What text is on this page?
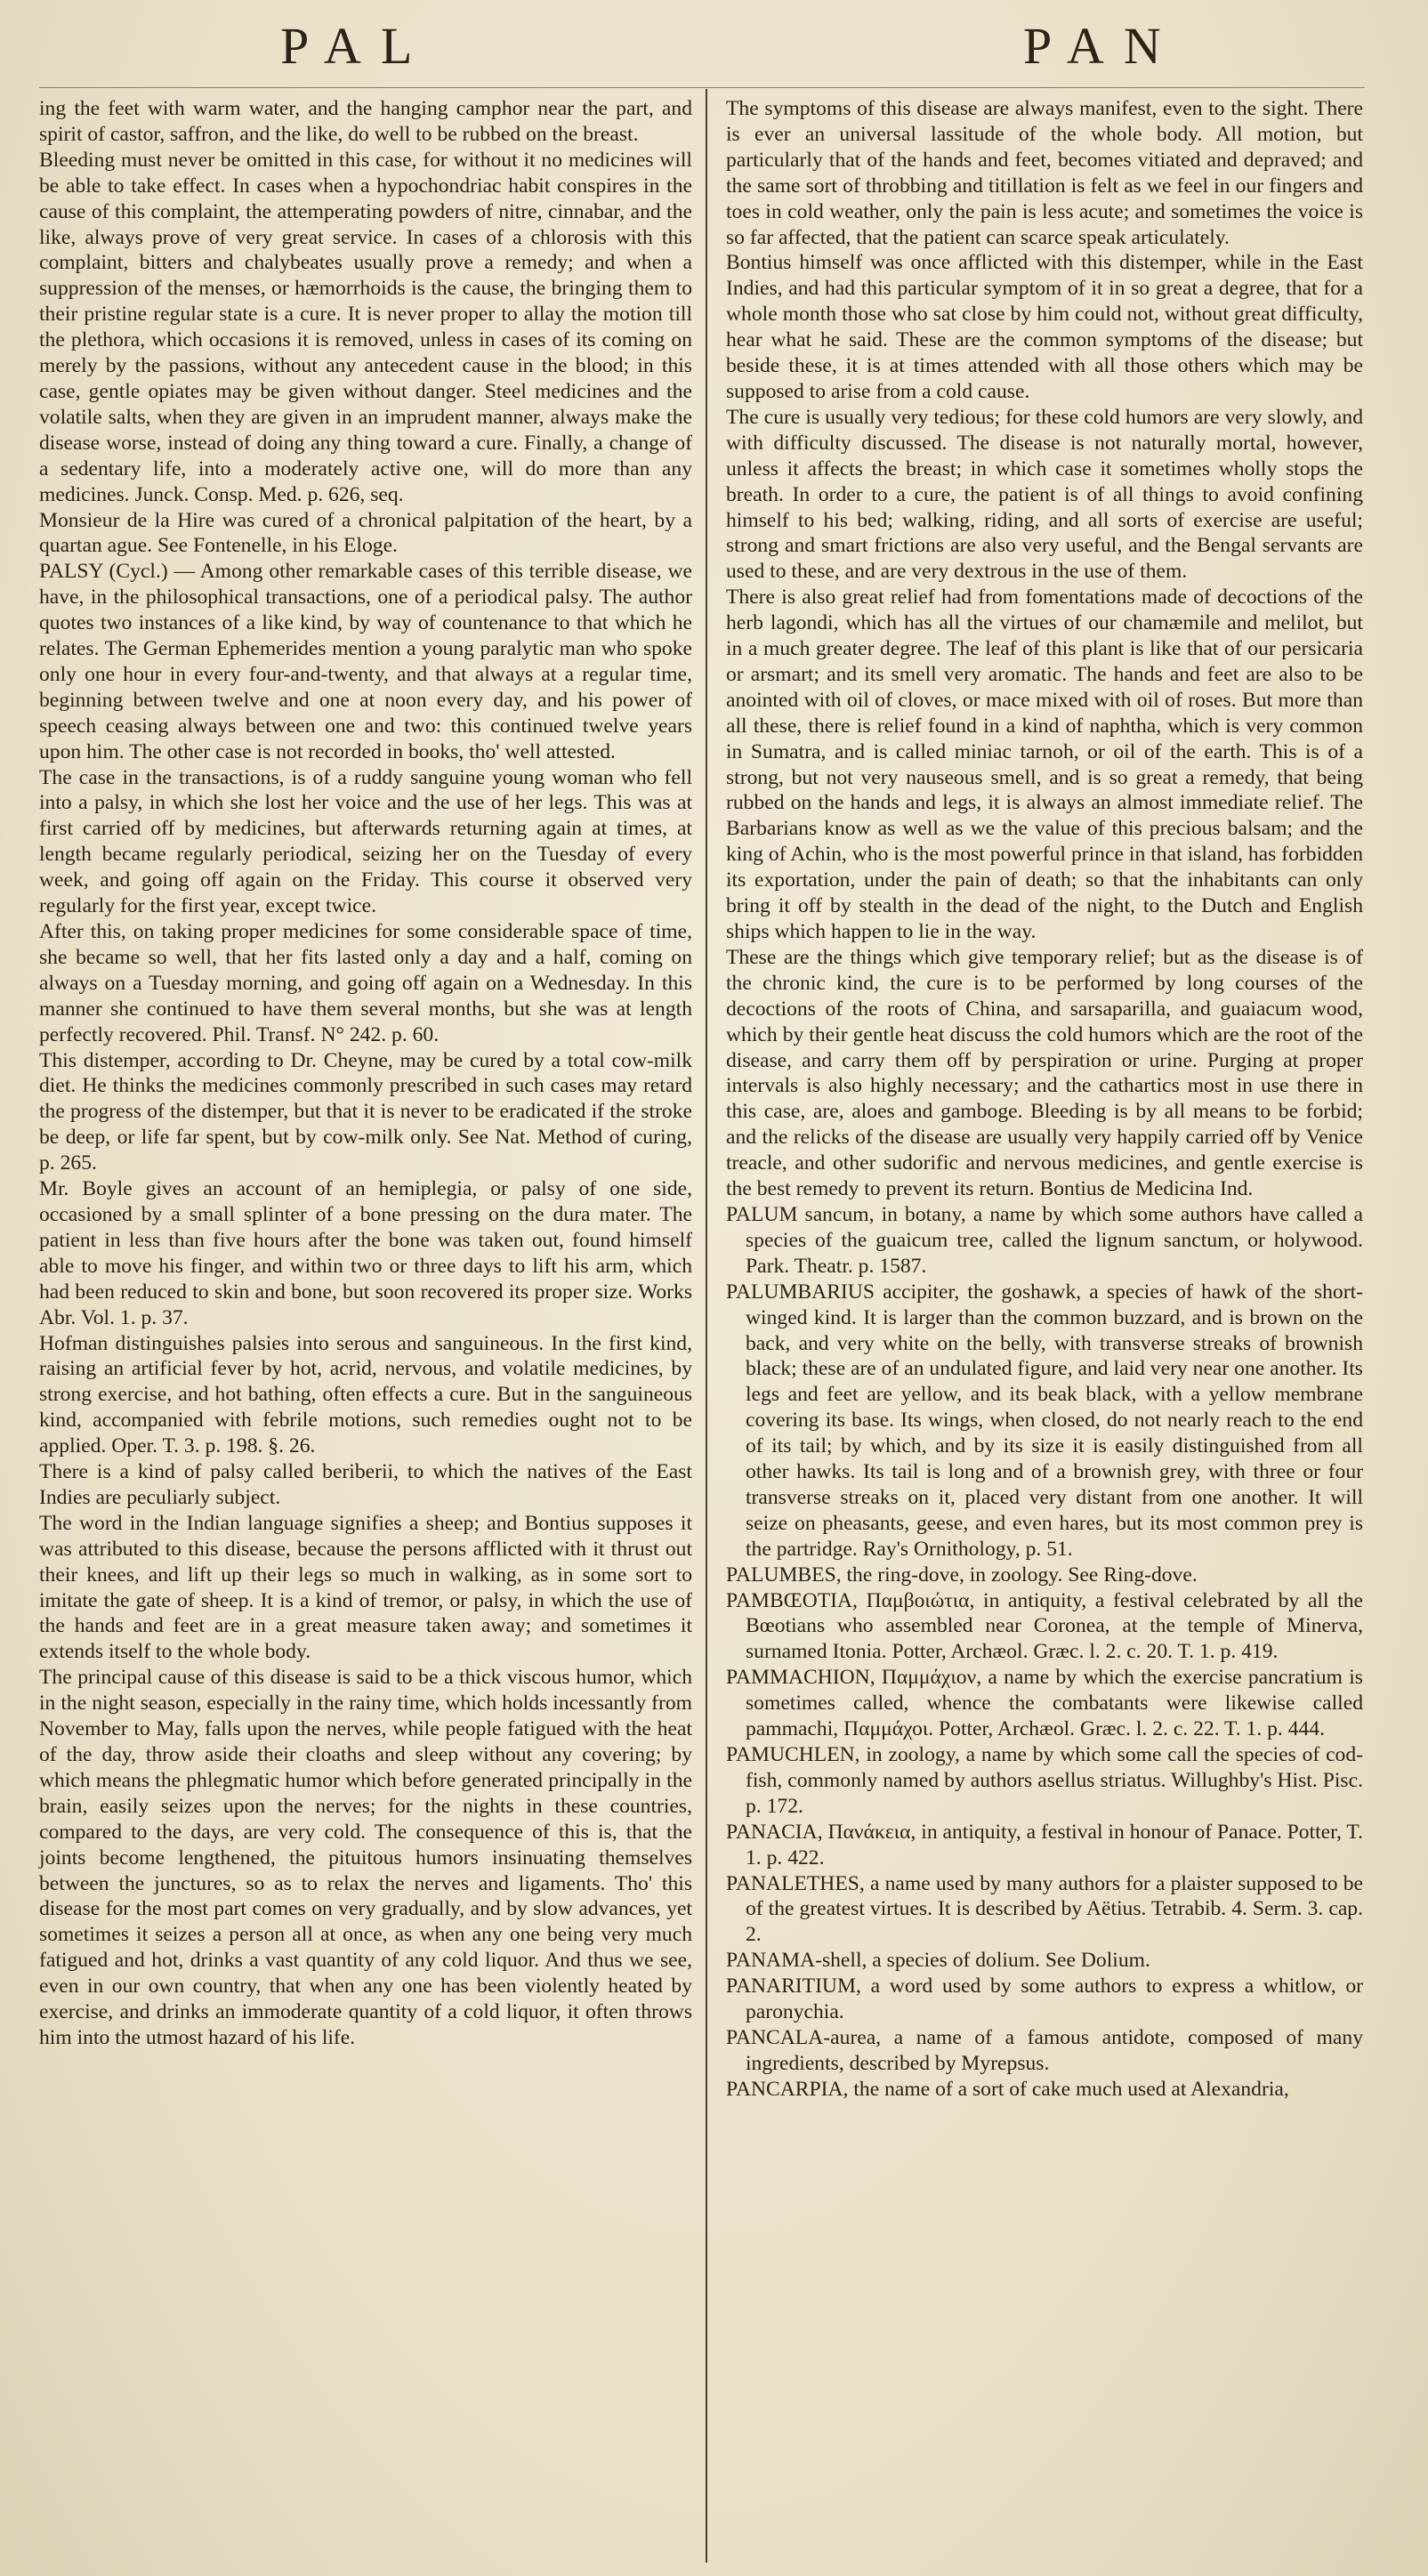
PAL	PAN

ing the feet with warm water, and the hanging camphor near the part, and spirit of castor, saffron, and the like, do well to be rubbed on the breast.

Bleeding must never be omitted in this case, for without it no medicines will be able to take effect. In cases when a hypochondriac habit conspires in the cause of this complaint, the attemperating powders of nitre, cinnabar, and the like, always prove of very great service. In cases of a chlorosis with this complaint, bitters and chalybeates usually prove a remedy; and when a suppression of the menses, or hæmorrhoids is the cause, the bringing them to their pristine regular state is a cure. It is never proper to allay the motion till the plethora, which occasions it is removed, unless in cases of its coming on merely by the passions, without any antecedent cause in the blood; in this case, gentle opiates may be given without danger. Steel medicines and the volatile salts, when they are given in an imprudent manner, always make the disease worse, instead of doing any thing toward a cure. Finally, a change of a sedentary life, into a moderately active one, will do more than any medicines. Junck. Consp. Med. p. 626, seq.

Monsieur de la Hire was cured of a chronical palpitation of the heart, by a quartan ague. See Fontenelle, in his Eloge.

PALSY (Cycl.) — Among other remarkable cases of this terrible disease, we have, in the philosophical transactions, one of a periodical palsy. The author quotes two instances of a like kind, by way of countenance to that which he relates. The German Ephemerides mention a young paralytic man who spoke only one hour in every four-and-twenty, and that always at a regular time, beginning between twelve and one at noon every day, and his power of speech ceasing always between one and two: this continued twelve years upon him. The other case is not recorded in books, tho' well attested.

The case in the transactions, is of a ruddy sanguine young woman who fell into a palsy, in which she lost her voice and the use of her legs. This was at first carried off by medicines, but afterwards returning again at times, at length became regularly periodical, seizing her on the Tuesday of every week, and going off again on the Friday. This course it observed very regularly for the first year, except twice.

After this, on taking proper medicines for some considerable space of time, she became so well, that her fits lasted only a day and a half, coming on always on a Tuesday morning, and going off again on a Wednesday. In this manner she continued to have them several months, but she was at length perfectly recovered. Phil. Transf. N° 242. p. 60.

This distemper, according to Dr. Cheyne, may be cured by a total cow-milk diet. He thinks the medicines commonly prescribed in such cases may retard the progress of the distemper, but that it is never to be eradicated if the stroke be deep, or life far spent, but by cow-milk only. See Nat. Method of curing, p. 265.

Mr. Boyle gives an account of an hemiplegia, or palsy of one side, occasioned by a small splinter of a bone pressing on the dura mater. The patient in less than five hours after the bone was taken out, found himself able to move his finger, and within two or three days to lift his arm, which had been reduced to skin and bone, but soon recovered its proper size. Works Abr. Vol. 1. p. 37.

Hofman distinguishes palsies into serous and sanguineous. In the first kind, raising an artificial fever by hot, acrid, nervous, and volatile medicines, by strong exercise, and hot bathing, often effects a cure. But in the sanguineous kind, accompanied with febrile motions, such remedies ought not to be applied. Oper. T. 3. p. 198. §. 26.

There is a kind of palsy called beriberii, to which the natives of the East Indies are peculiarly subject.

The word in the Indian language signifies a sheep; and Bontius supposes it was attributed to this disease, because the persons afflicted with it thrust out their knees, and lift up their legs so much in walking, as in some sort to imitate the gate of sheep. It is a kind of tremor, or palsy, in which the use of the hands and feet are in a great measure taken away; and sometimes it extends itself to the whole body.

The principal cause of this disease is said to be a thick viscous humor, which in the night season, especially in the rainy time, which holds incessantly from November to May, falls upon the nerves, while people fatigued with the heat of the day, throw aside their cloaths and sleep without any covering; by which means the phlegmatic humor which before generated principally in the brain, easily seizes upon the nerves; for the nights in these countries, compared to the days, are very cold. The consequence of this is, that the joints become lengthened, the pituitous humors insinuating themselves between the junctures, so as to relax the nerves and ligaments. Tho' this disease for the most part comes on very gradually, and by slow advances, yet sometimes it seizes a person all at once, as when any one being very much fatigued and hot, drinks a vast quantity of any cold liquor. And thus we see, even in our own country, that when any one has been violently heated by exercise, and drinks an immoderate quantity of a cold liquor, it often throws him into the utmost hazard of his life.

The symptoms of this disease are always manifest, even to the sight. There is ever an universal lassitude of the whole body. All motion, but particularly that of the hands and feet, becomes vitiated and depraved; and the same sort of throbbing and titillation is felt as we feel in our fingers and toes in cold weather, only the pain is less acute; and sometimes the voice is so far affected, that the patient can scarce speak articulately.

Bontius himself was once afflicted with this distemper, while in the East Indies, and had this particular symptom of it in so great a degree, that for a whole month those who sat close by him could not, without great difficulty, hear what he said. These are the common symptoms of the disease; but beside these, it is at times attended with all those others which may be supposed to arise from a cold cause.

The cure is usually very tedious; for these cold humors are very slowly, and with difficulty discussed. The disease is not naturally mortal, however, unless it affects the breast; in which case it sometimes wholly stops the breath. In order to a cure, the patient is of all things to avoid confining himself to his bed; walking, riding, and all sorts of exercise are useful; strong and smart frictions are also very useful, and the Bengal servants are used to these, and are very dextrous in the use of them.

There is also great relief had from fomentations made of decoctions of the herb lagondi, which has all the virtues of our chamæmile and melilot, but in a much greater degree. The leaf of this plant is like that of our persicaria or arsmart; and its smell very aromatic. The hands and feet are also to be anointed with oil of cloves, or mace mixed with oil of roses. But more than all these, there is relief found in a kind of naphtha, which is very common in Sumatra, and is called miniac tarnoh, or oil of the earth. This is of a strong, but not very nauseous smell, and is so great a remedy, that being rubbed on the hands and legs, it is always an almost immediate relief. The Barbarians know as well as we the value of this precious balsam; and the king of Achin, who is the most powerful prince in that island, has forbidden its exportation, under the pain of death; so that the inhabitants can only bring it off by stealth in the dead of the night, to the Dutch and English ships which happen to lie in the way.

These are the things which give temporary relief; but as the disease is of the chronic kind, the cure is to be performed by long courses of the decoctions of the roots of China, and sarsaparilla, and guaiacum wood, which by their gentle heat discuss the cold humors which are the root of the disease, and carry them off by perspiration or urine. Purging at proper intervals is also highly necessary; and the cathartics most in use there in this case, are, aloes and gamboge. Bleeding is by all means to be forbid; and the relicks of the disease are usually very happily carried off by Venice treacle, and other sudorific and nervous medicines, and gentle exercise is the best remedy to prevent its return. Bontius de Medicina Ind.

PALUM sancum, in botany, a name by which some authors have called a species of the guaicum tree, called the lignum sanctum, or holywood. Park. Theatr. p. 1587.

PALUMBARIUS accipiter, the goshawk, a species of hawk of the short-winged kind. It is larger than the common buzzard, and is brown on the back, and very white on the belly, with transverse streaks of brownish black; these are of an undulated figure, and laid very near one another. Its legs and feet are yellow, and its beak black, with a yellow membrane covering its base. Its wings, when closed, do not nearly reach to the end of its tail; by which, and by its size it is easily distinguished from all other hawks. Its tail is long and of a brownish grey, with three or four transverse streaks on it, placed very distant from one another. It will seize on pheasants, geese, and even hares, but its most common prey is the partridge. Ray's Ornithology, p. 51.

PALUMBES, the ring-dove, in zoology. See Ring-dove.

PAMBŒOTIA, Παμβοιώτια, in antiquity, a festival celebrated by all the Bœotians who assembled near Coronea, at the temple of Minerva, surnamed Itonia. Potter, Archæol. Græc. l. 2. c. 20. T. 1. p. 419.

PAMMACHION, Παμμάχιον, a name by which the exercise pancratium is sometimes called, whence the combatants were likewise called pammachi, Παμμάχοι. Potter, Archæol. Græc. l. 2. c. 22. T. 1. p. 444.

PAMUCHLEN, in zoology, a name by which some call the species of cod-fish, commonly named by authors asellus striatus. Willughby's Hist. Pisc. p. 172.

PANACIA, Πανάκεια, in antiquity, a festival in honour of Panace. Potter, T. 1. p. 422.

PANALETHES, a name used by many authors for a plaister supposed to be of the greatest virtues. It is described by Aëtius. Tetrabib. 4. Serm. 3. cap. 2.

PANAMA-shell, a species of dolium. See Dolium.

PANARITIUM, a word used by some authors to express a whitlow, or paronychia.

PANCALA-aurea, a name of a famous antidote, composed of many ingredients, described by Myrepsus.

PANCARPIA, the name of a sort of cake much used at Alexandria,
